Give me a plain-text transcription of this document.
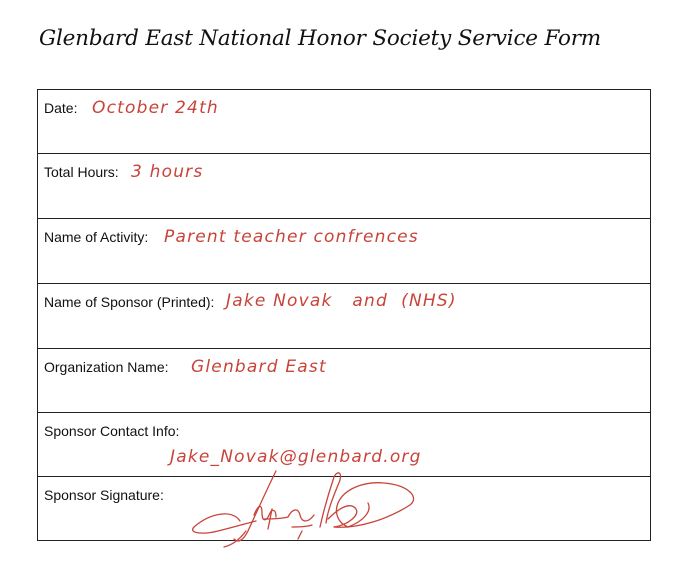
Glenbard East National Honor Society Service Form
Date: October 24th
Total Hours: 3 hours
Name of Activity: Parent teacher confrences
Name of Sponsor (Printed): Jake Novak   and  (NHS)
Organization Name: Glenbard East
Sponsor Contact Info:
Jake_Novak@glenbard.org
Sponsor Signature:
